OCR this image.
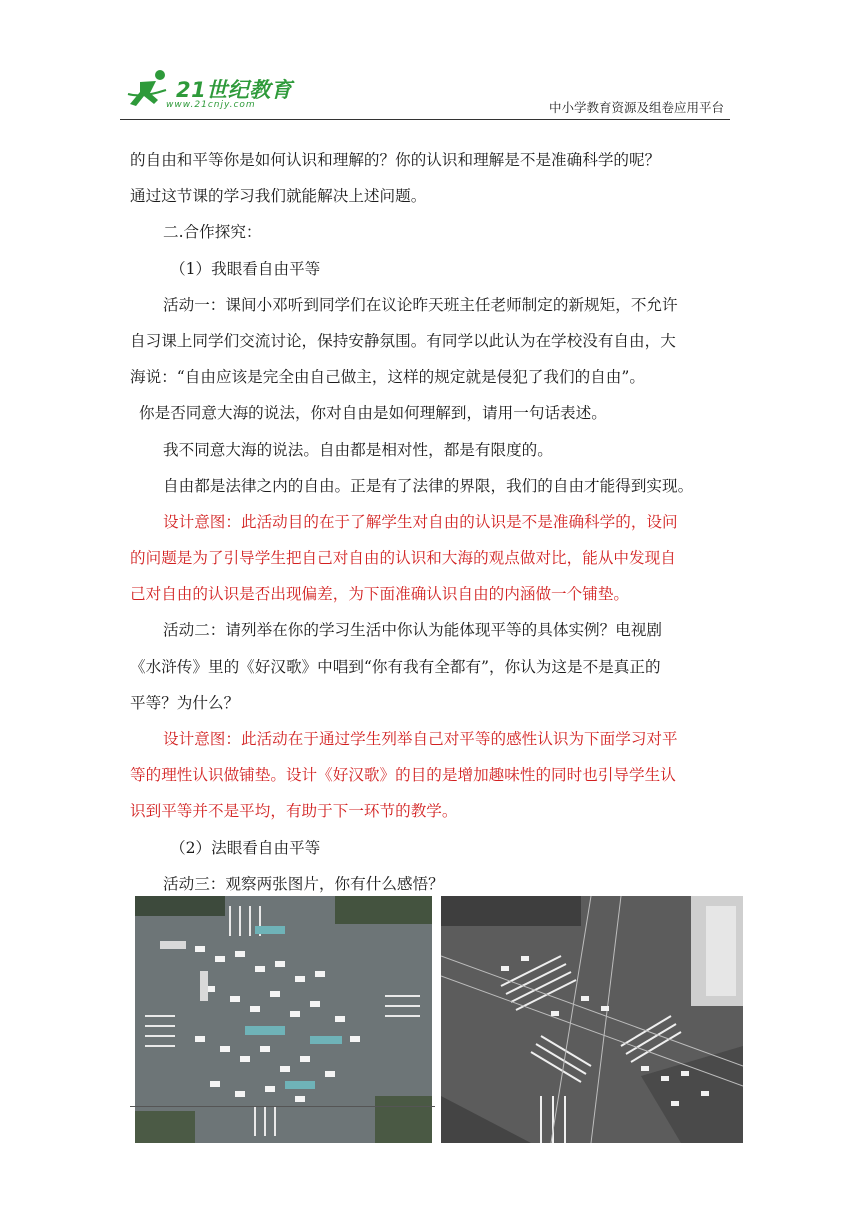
21世纪教育
www.21cnjy.com	中小学教育资源及组卷应用平台
的自由和平等你是如何认识和理解的？你的认识和理解是不是准确科学的呢？
通过这节课的学习我们就能解决上述问题。
二.合作探究：
（1）我眼看自由平等
活动一：课间小邓听到同学们在议论昨天班主任老师制定的新规矩，不允许
自习课上同学们交流讨论，保持安静氛围。有同学以此认为在学校没有自由，大
海说：“自由应该是完全由自己做主，这样的规定就是侵犯了我们的自由”。
你是否同意大海的说法，你对自由是如何理解到，请用一句话表述。
我不同意大海的说法。自由都是相对性，都是有限度的。
自由都是法律之内的自由。正是有了法律的界限，我们的自由才能得到实现。
设计意图：此活动目的在于了解学生对自由的认识是不是准确科学的，设问
的问题是为了引导学生把自己对自由的认识和大海的观点做对比，能从中发现自
己对自由的认识是否出现偏差，为下面准确认识自由的内涵做一个铺垫。
活动二：请列举在你的学习生活中你认为能体现平等的具体实例？电视剧
《水浒传》里的《好汉歌》中唱到“你有我有全都有”，你认为这是不是真正的
平等？为什么？
设计意图：此活动在于通过学生列举自己对平等的感性认识为下面学习对平
等的理性认识做铺垫。设计《好汉歌》的目的是增加趣味性的同时也引导学生认
识到平等并不是平均，有助于下一环节的教学。
（2）法眼看自由平等
活动三：观察两张图片，你有什么感悟？
